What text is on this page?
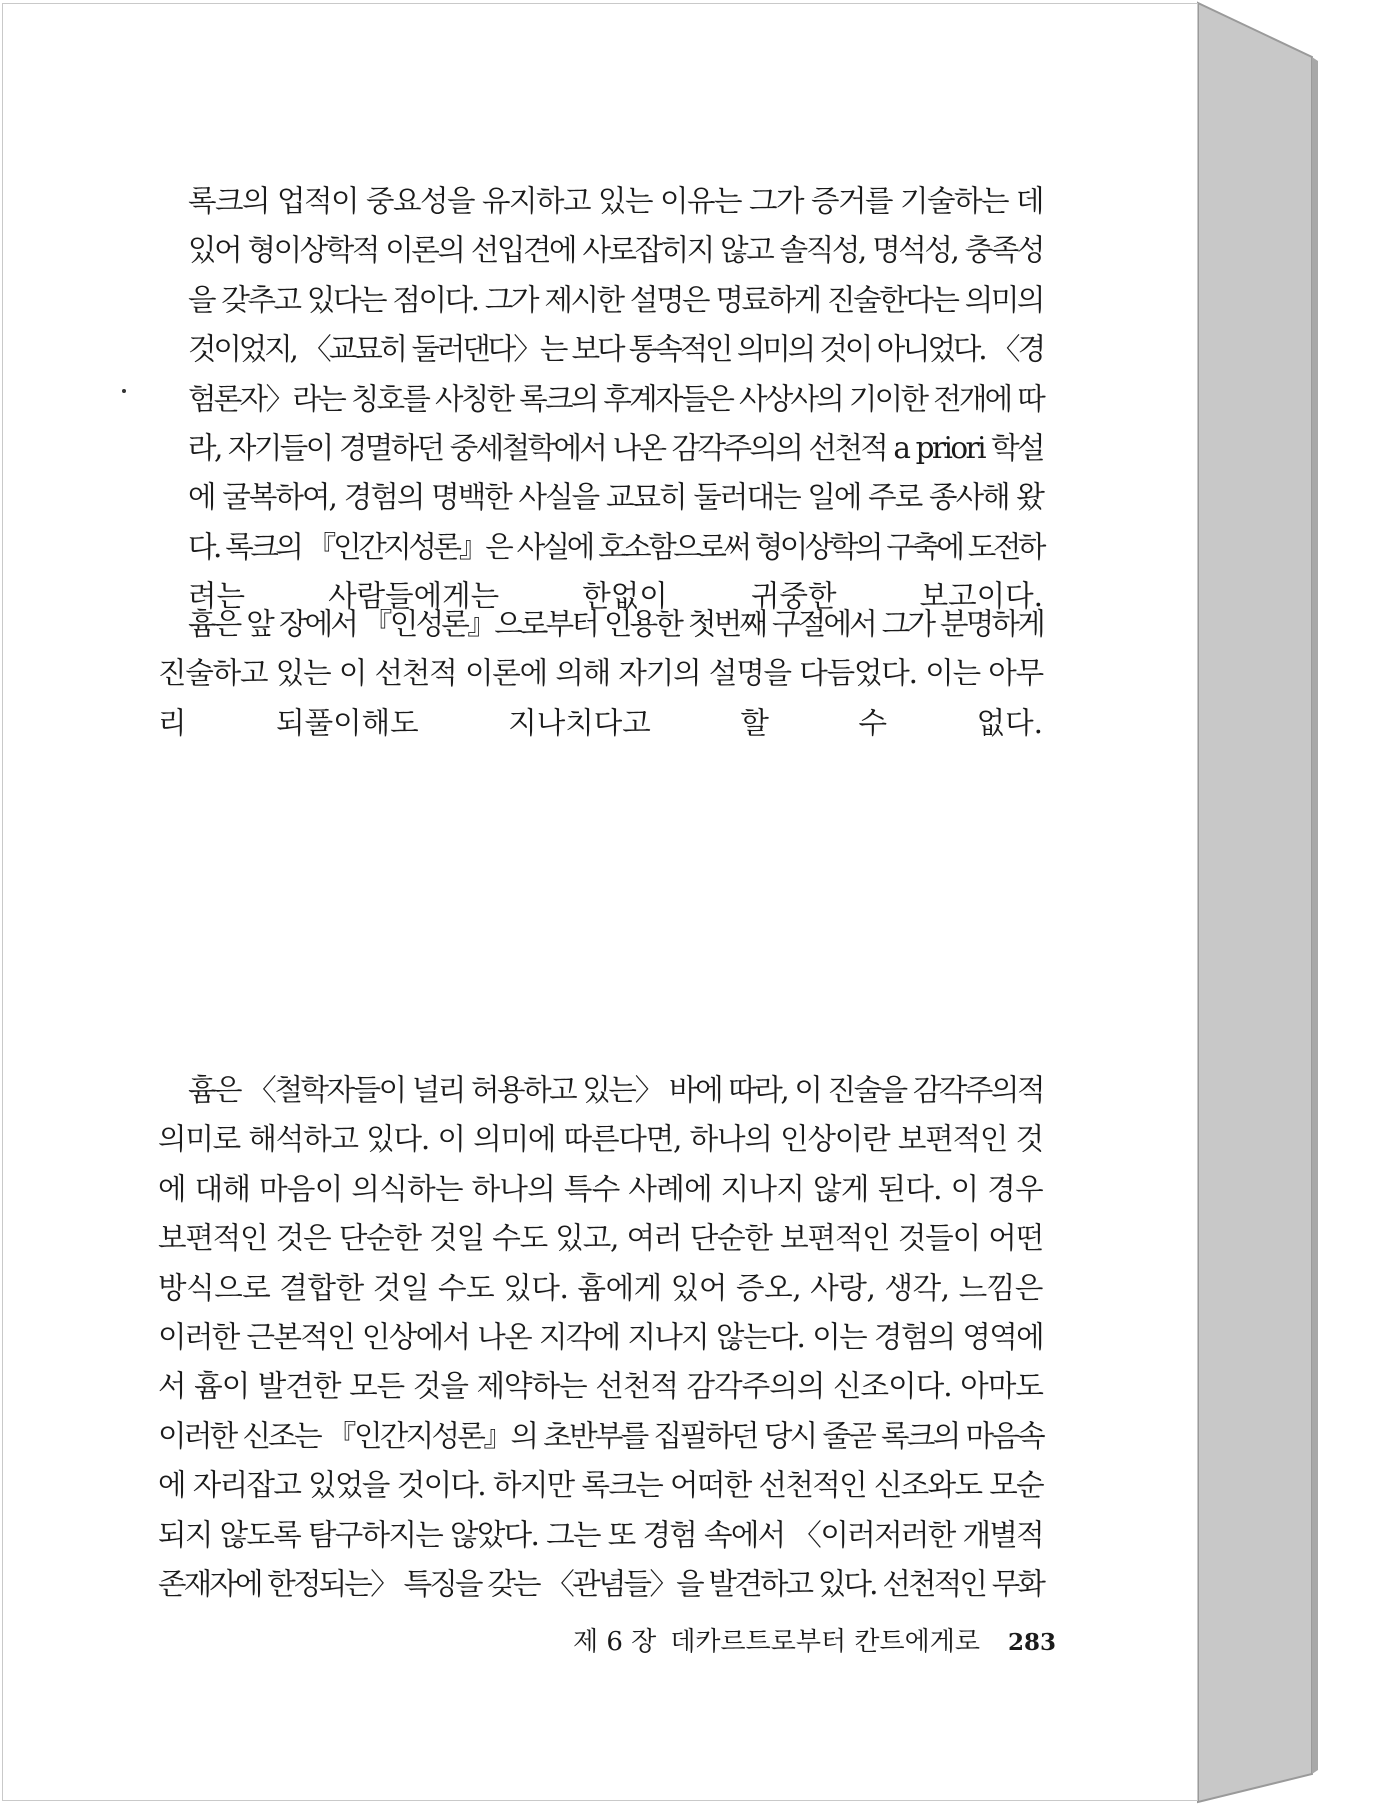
록크의 업적이 중요성을 유지하고 있는 이유는 그가 증거를 기술하는 데
있어 형이상학적 이론의 선입견에 사로잡히지 않고 솔직성, 명석성, 충족성
을 갖추고 있다는 점이다. 그가 제시한 설명은 명료하게 진술한다는 의미의
것이었지, 〈교묘히 둘러댄다〉는 보다 통속적인 의미의 것이 아니었다. 〈경
험론자〉라는 칭호를 사칭한 록크의 후계자들은 사상사의 기이한 전개에 따
라, 자기들이 경멸하던 중세철학에서 나온 감각주의의 선천적 a priori 학설
에 굴복하여, 경험의 명백한 사실을 교묘히 둘러대는 일에 주로 종사해 왔
다. 록크의 『인간지성론』은 사실에 호소함으로써 형이상학의 구축에 도전하
려는 사람들에게는 한없이 귀중한 보고이다.
흄은 앞 장에서 『인성론』으로부터 인용한 첫번째 구절에서 그가 분명하게
진술하고 있는 이 선천적 이론에 의해 자기의 설명을 다듬었다. 이는 아무
리 되풀이해도 지나치다고 할 수 없다.
흄은 〈철학자들이 널리 허용하고 있는〉 바에 따라, 이 진술을 감각주의적
의미로 해석하고 있다. 이 의미에 따른다면, 하나의 인상이란 보편적인 것
에 대해 마음이 의식하는 하나의 특수 사례에 지나지 않게 된다. 이 경우
보편적인 것은 단순한 것일 수도 있고, 여러 단순한 보편적인 것들이 어떤
방식으로 결합한 것일 수도 있다. 흄에게 있어 증오, 사랑, 생각, 느낌은
이러한 근본적인 인상에서 나온 지각에 지나지 않는다. 이는 경험의 영역에
서 흄이 발견한 모든 것을 제약하는 선천적 감각주의의 신조이다. 아마도
이러한 신조는 『인간지성론』의 초반부를 집필하던 당시 줄곧 록크의 마음속
에 자리잡고 있었을 것이다. 하지만 록크는 어떠한 선천적인 신조와도 모순
되지 않도록 탐구하지는 않았다. 그는 또 경험 속에서 〈이러저러한 개별적
존재자에 한정되는〉 특징을 갖는 〈관념들〉을 발견하고 있다. 선천적인 무화
제 6 장 데카르트로부터 칸트에게로 283
